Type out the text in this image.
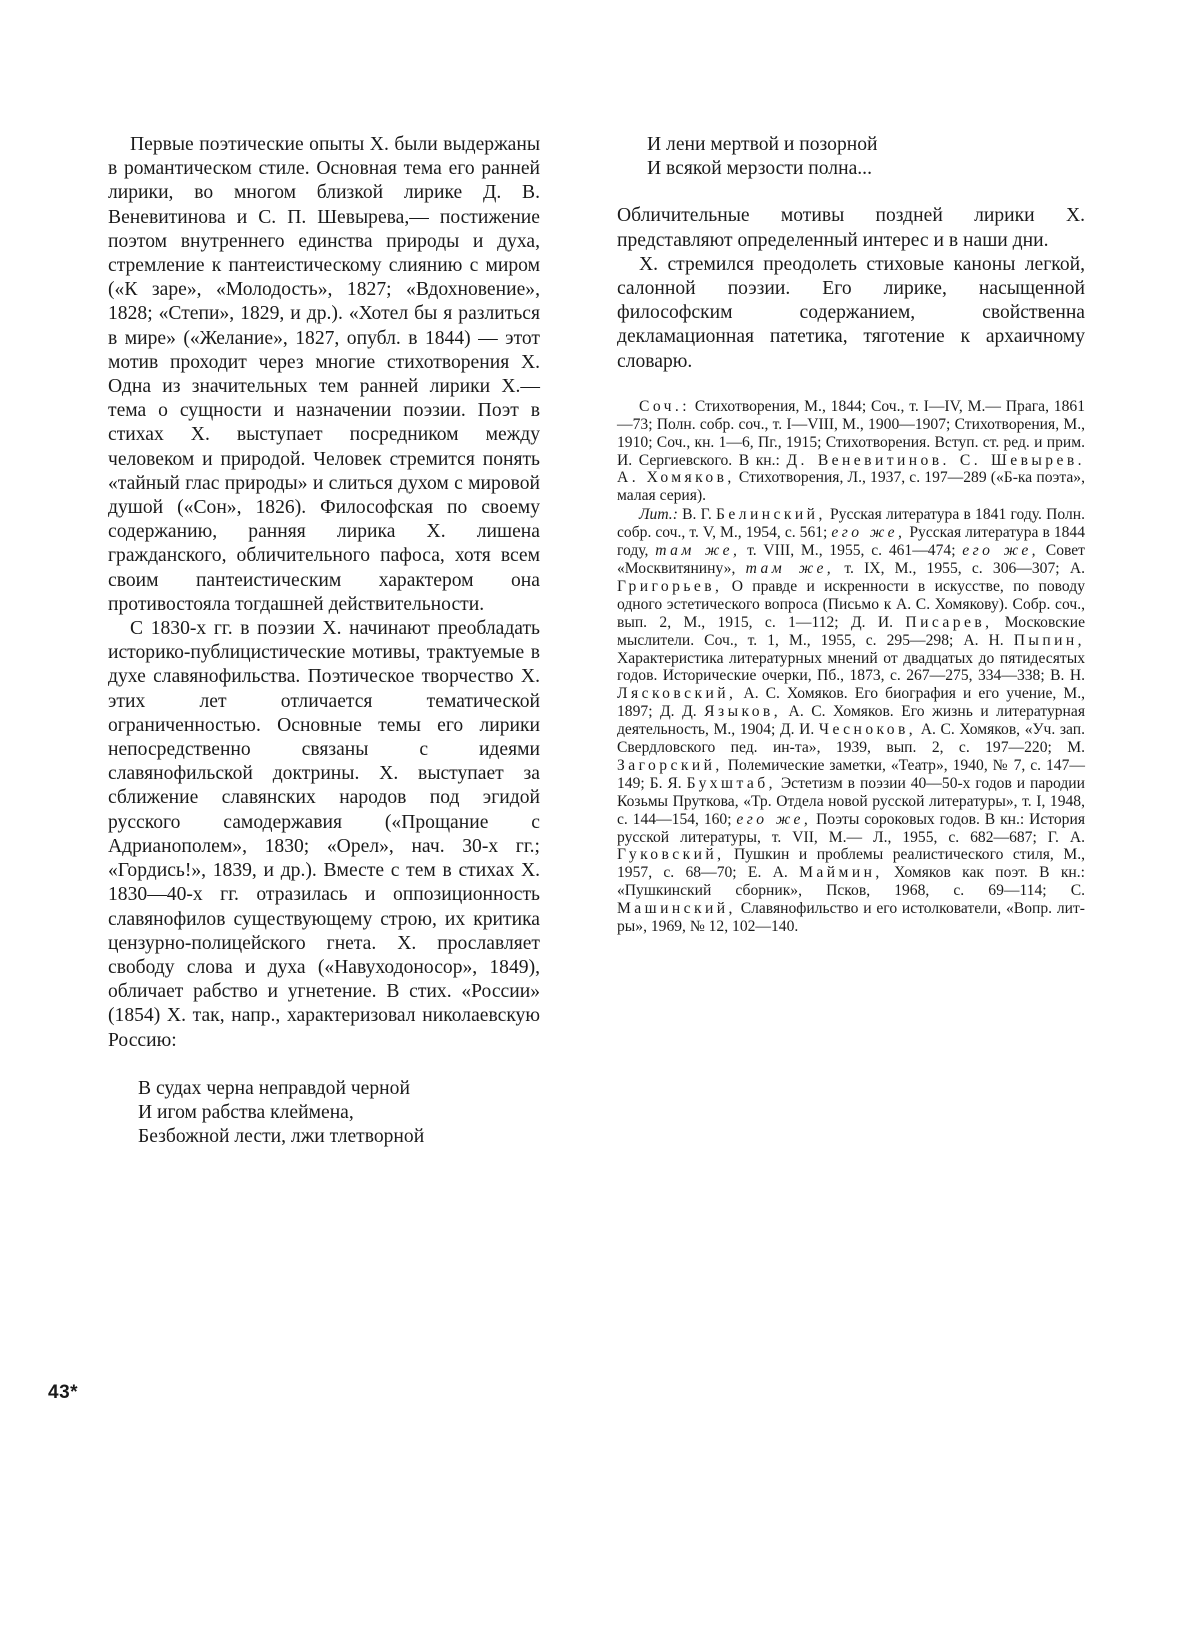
Первые поэтические опыты Х. были выдержаны в романтическом стиле. Основная тема его ранней лирики, во многом близкой лирике Д. В. Веневитинова и С. П. Шевырева,— постижение поэтом внутреннего единства природы и духа, стремление к пантеистическому слиянию с миром («К заре», «Молодость», 1827; «Вдохновение», 1828; «Степи», 1829, и др.). «Хотел бы я разлиться в мире» («Желание», 1827, опубл. в 1844) — этот мотив проходит через многие стихотворения Х. Одна из значительных тем ранней лирики Х.— тема о сущности и назначении поэзии. Поэт в стихах Х. выступает посредником между человеком и природой. Человек стремится понять «тайный глас природы» и слиться духом с мировой душой («Сон», 1826). Философская по своему содержанию, ранняя лирика Х. лишена гражданского, обличительного пафоса, хотя всем своим пантеистическим характером она противостояла тогдашней действительности.

С 1830-х гг. в поэзии Х. начинают преобладать историко-публицистические мотивы, трактуемые в духе славянофильства. Поэтическое творчество Х. этих лет отличается тематической ограниченностью. Основные темы его лирики непосредственно связаны с идеями славянофильской доктрины. Х. выступает за сближение славянских народов под эгидой русского самодержавия («Прощание с Адрианополем», 1830; «Орел», нач. 30-х гг.; «Гордись!», 1839, и др.). Вместе с тем в стихах Х. 1830—40-х гг. отразилась и оппозиционность славянофилов существующему строю, их критика цензурно-полицейского гнета. Х. прославляет свободу слова и духа («Навуходоносор», 1849), обличает рабство и угнетение. В стих. «России» (1854) Х. так, напр., характеризовал николаевскую Россию:

В судах черна неправдой черной
И игом рабства клеймена,
Безбожной лести, лжи тлетворной
И лени мертвой и позорной
И всякой мерзости полна...

Обличительные мотивы поздней лирики Х. представляют определенный интерес и в наши дни.

Х. стремился преодолеть стиховые каноны легкой, салонной поэзии. Его лирике, насыщенной философским содержанием, свойственна декламационная патетика, тяготение к архаичному словарю.

Соч.: Стихотворения, М., 1844; Соч., т. I—IV, М.— Прага, 1861—73; Полн. собр. соч., т. I—VIII, М., 1900—1907; Стихотворения, М., 1910; Соч., кн. 1—6, Пг., 1915; Стихотворения. Вступ. ст. ред. и прим. И. Сергиевского. В кн.: Д. Веневитинов. С. Шевырев. А. Хомяков, Стихотворения, Л., 1937, с. 197—289 («Б-ка поэта», малая серия).

Лит.: В. Г. Белинский, Русская литература в 1841 году. Полн. собр. соч., т. V, М., 1954, с. 561; его же, Русская литература в 1844 году, там же, т. VIII, М., 1955, с. 461—474; его же, Совет «Москвитянину», там же, т. IX, М., 1955, с. 306—307; А. Григорьев, О правде и искренности в искусстве, по поводу одного эстетического вопроса (Письмо к А. С. Хомякову). Собр. соч., вып. 2, М., 1915, с. 1—112; Д. И. Писарев, Московские мыслители. Соч., т. 1, М., 1955, с. 295—298; А. Н. Пыпин, Характеристика литературных мнений от двадцатых до пятидесятых годов. Исторические очерки, Пб., 1873, с. 267—275, 334—338; В. Н. Лясковский, А. С. Хомяков. Его биография и его учение, М., 1897; Д. Д. Языков, А. С. Хомяков. Его жизнь и литературная деятельность, М., 1904; Д. И. Чесноков, А. С. Хомяков, «Уч. зап. Свердловского пед. ин-та», 1939, вып. 2, с. 197—220; М. Загорский, Полемические заметки, «Театр», 1940, № 7, с. 147—149; Б. Я. Бухштаб, Эстетизм в поэзии 40—50-х годов и пародии Козьмы Пруткова, «Тр. Отдела новой русской литературы», т. I, 1948, с. 144—154, 160; его же, Поэты сороковых годов. В кн.: История русской литературы, т. VII, М.— Л., 1955, с. 682—687; Г. А. Гуковский, Пушкин и проблемы реалистического стиля, М., 1957, с. 68—70; Е. А. Маймин, Хомяков как поэт. В кн.: «Пушкинский сборник», Псков, 1968, с. 69—114; С. Машинский, Славянофильство и его истолкователи, «Вопр. лит-ры», 1969, № 12, 102—140.

43*
